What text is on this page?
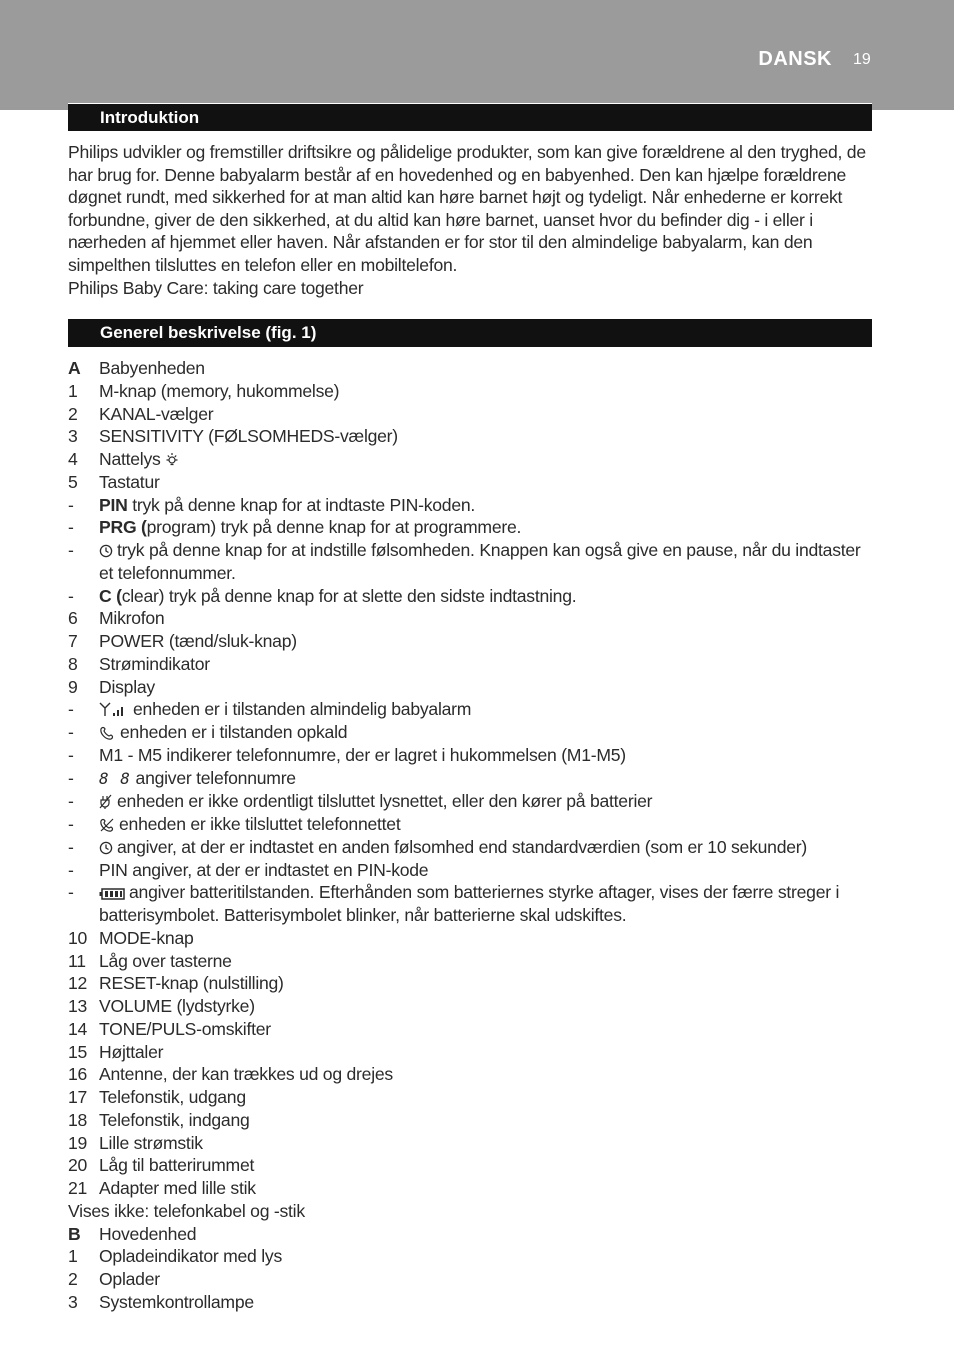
DANSK 19
Introduktion

Philips udvikler og fremstiller driftsikre og pålidelige produkter, som kan give forældrene al den tryghed, de har brug for. Denne babyalarm består af en hovedenhed og en babyenhed. Den kan hjælpe forældrene døgnet rundt, med sikkerhed for at man altid kan høre barnet højt og tydeligt. Når enhederne er korrekt forbundne, giver de den sikkerhed, at du altid kan høre barnet, uanset hvor du befinder dig - i eller i nærheden af hjemmet eller haven. Når afstanden er for stor til den almindelige babyalarm, kan den simpelthen tilsluttes en telefon eller en mobiltelefon.

Philips Baby Care: taking care together

Generel beskrivelse (fig. 1)
A Babyenheden
1 M-knap (memory, hukommelse)
2 KANAL-vælger
3 SENSITIVITY (FØLSOMHEDS-vælger)
4 Nattelys
5 Tastatur
- PIN tryk på denne knap for at indtaste PIN-koden.
- PRG (program) tryk på denne knap for at programmere.
- tryk på denne knap for at indstille følsomheden. Knappen kan også give en pause, når du indtaster et telefonnummer.
- C (clear) tryk på denne knap for at slette den sidste indtastning.
6 Mikrofon
7 POWER (tænd/sluk-knap)
8 Strømindikator
9 Display
-	enheden er i tilstanden almindelig babyalarm
-	enheden er i tilstanden opkald
- M1 - M5 indikerer telefonnumre, der er lagret i hukommelsen (M1-M5)
- 8 8 angiver telefonnumre
- enheden er ikke ordentligt tilsluttet lysnettet, eller den kører på batterier
-	enheden er ikke tilsluttet telefonnettet
- angiver, at der er indtastet en anden følsomhed end standardværdien (som er 10 sekunder)
- PIN angiver, at der er indtastet en PIN-kode
-	angiver batteritilstanden. Efterhånden som batteriernes styrke aftager, vises der færre streger i batterisymbolet. Batterisymbolet blinker, når batterierne skal udskiftes.
10 MODE-knap
11 Låg over tasterne
12 RESET-knap (nulstilling)
13 VOLUME (lydstyrke)
14 TONE/PULS-omskifter
15 Højttaler
16 Antenne, der kan trækkes ud og drejes
17 Telefonstik, udgang
18 Telefonstik, indgang
19 Lille strømstik
20 Låg til batterirummet
21 Adapter med lille stik
Vises ikke: telefonkabel og -stik
B Hovedenhed
1 Opladeindikator med lys
2 Oplader
3 Systemkontrollampe
